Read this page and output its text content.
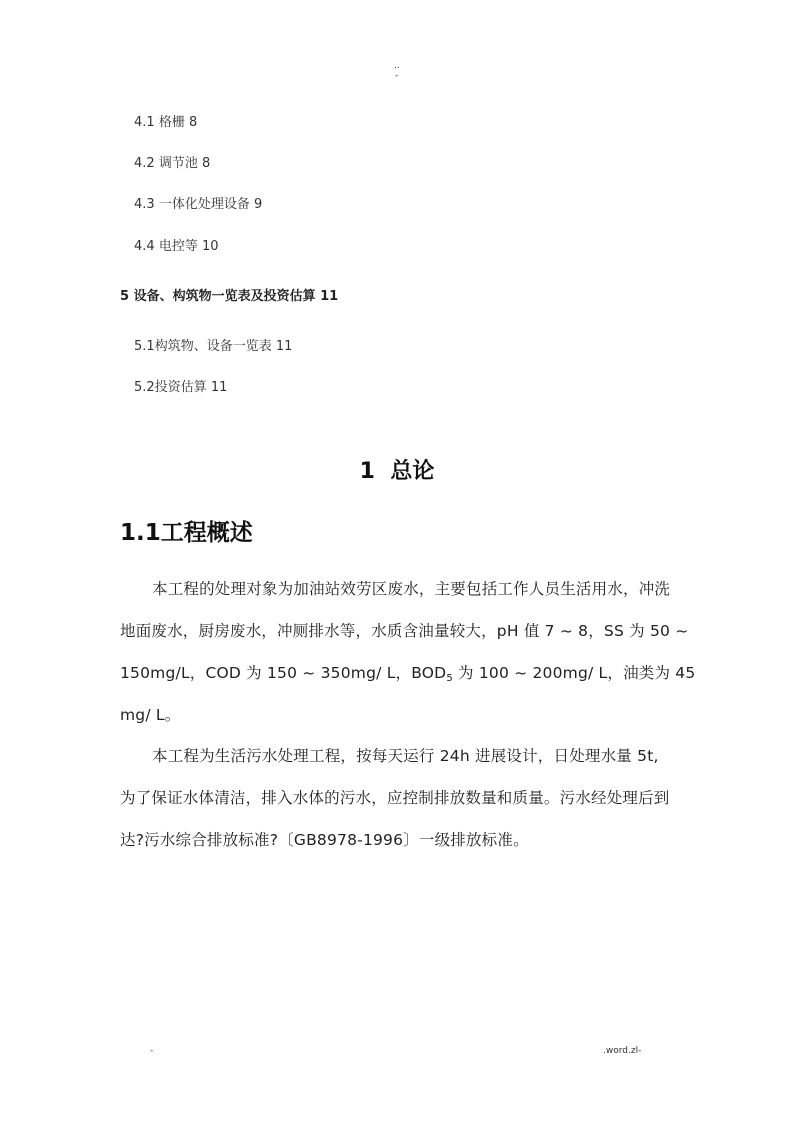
..
-
4.1 格栅 8
4.2 调节池 8
4.3 一体化处理设备 9
4.4 电控等 10
5 设备、构筑物一览表及投资估算 11
5.1构筑物、设备一览表 11
5.2投资估算 11
1 总论
1.1工程概述
本工程的处理对象为加油站效劳区废水，主要包括工作人员生活用水，冲洗
地面废水，厨房废水，冲厕排水等，水质含油量较大，pH 值 7 ~ 8，SS 为 50 ~
150mg/L，COD 为 150 ~ 350mg/ L，$BOD_5$ 为 100 ~ 200mg/ L，油类为 45
mg/ L。
本工程为生活污水处理工程，按每天运行 24h 进展设计，日处理水量 5t,
为了保证水体清洁，排入水体的污水，应控制排放数量和质量。污水经处理后到
达?污水综合排放标准?〔GB8978-1996〕一级排放标准。
-	.word.zl-
